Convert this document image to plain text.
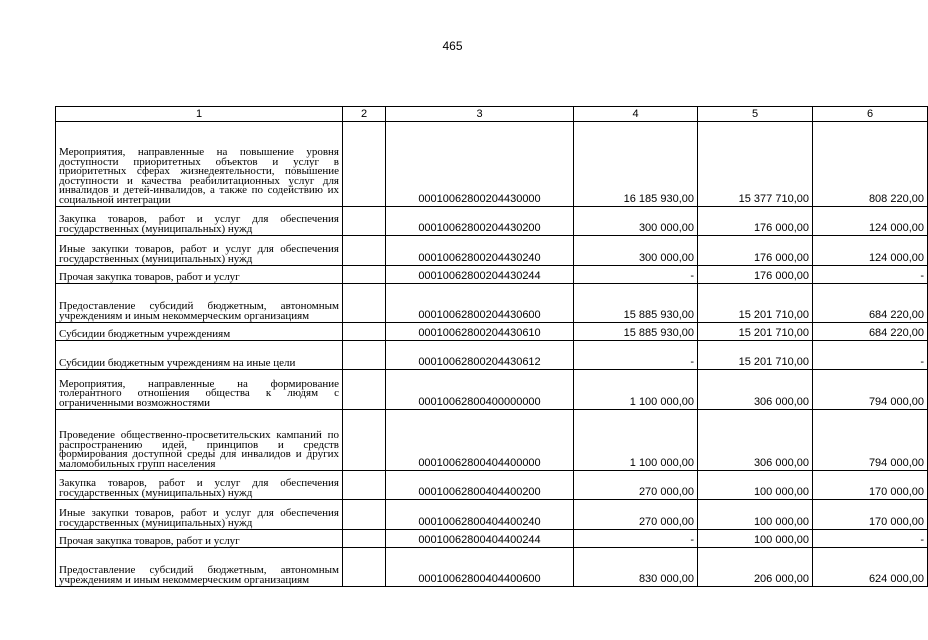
465
1	2	3	4	5	6
Мероприятия, направленные на повышение уровня доступности приоритетных объектов и услуг в приоритетных сферах жизнедеятельности, повышение доступности и качества реабилитационных услуг для инвалидов и детей-инвалидов, а также по содействию их социальной интеграции		00010062800204430000	16 185 930,00	15 377 710,00	808 220,00
Закупка товаров, работ и услуг для обеспечения государственных (муниципальных) нужд		00010062800204430200	300 000,00	176 000,00	124 000,00
Иные закупки товаров, работ и услуг для обеспечения государственных (муниципальных) нужд		00010062800204430240	300 000,00	176 000,00	124 000,00
Прочая закупка товаров, работ и услуг		00010062800204430244	-	176 000,00	-
Предоставление субсидий бюджетным, автономным учреждениям и иным некоммерческим организациям		00010062800204430600	15 885 930,00	15 201 710,00	684 220,00
Субсидии бюджетным учреждениям		00010062800204430610	15 885 930,00	15 201 710,00	684 220,00
Субсидии бюджетным учреждениям на иные цели		00010062800204430612	-	15 201 710,00	-
Мероприятия, направленные на формирование толерантного отношения общества к людям с ограниченными возможностями		00010062800400000000	1 100 000,00	306 000,00	794 000,00
Проведение общественно-просветительских кампаний по распространению идей, принципов и средств формирования доступной среды для инвалидов и других маломобильных групп населения		00010062800404400000	1 100 000,00	306 000,00	794 000,00
Закупка товаров, работ и услуг для обеспечения государственных (муниципальных) нужд		00010062800404400200	270 000,00	100 000,00	170 000,00
Иные закупки товаров, работ и услуг для обеспечения государственных (муниципальных) нужд		00010062800404400240	270 000,00	100 000,00	170 000,00
Прочая закупка товаров, работ и услуг		00010062800404400244	-	100 000,00	-
Предоставление субсидий бюджетным, автономным учреждениям и иным некоммерческим организациям		00010062800404400600	830 000,00	206 000,00	624 000,00
